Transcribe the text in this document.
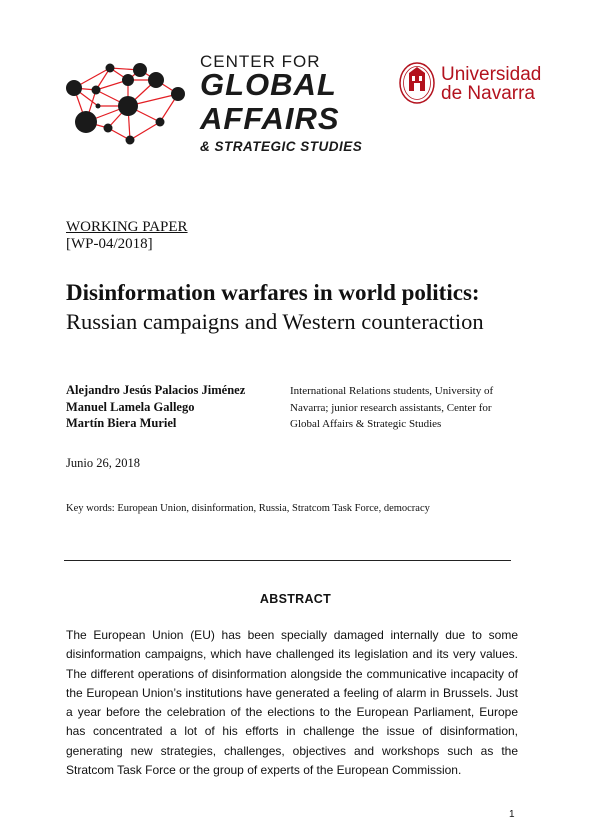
CENTER FOR
GLOBAL
AFFAIRS
& STRATEGIC STUDIES
Universidad
de Navarra
WORKING PAPER
[WP-04/2018]
Disinformation warfares in world politics:
Russian campaigns and Western counteraction
Alejandro Jesús Palacios Jiménez
Manuel Lamela Gallego
Martín Biera Muriel
International Relations students, University of
Navarra; junior research assistants, Center for
Global Affairs & Strategic Studies
Junio 26, 2018
Key words: European Union, disinformation, Russia, Stratcom Task Force, democracy
ABSTRACT
The European Union (EU) has been specially damaged internally due to some disinformation campaigns, which have challenged its legislation and its very values. The different operations of disinformation alongside the communicative incapacity of the European Union’s institutions have generated a feeling of alarm in Brussels. Just a year before the celebration of the elections to the European Parliament, Europe has concentrated a lot of his efforts in challenge the issue of disinformation, generating new strategies, challenges, objectives and workshops such as the Stratcom Task Force or the group of experts of the European Commission.
1
